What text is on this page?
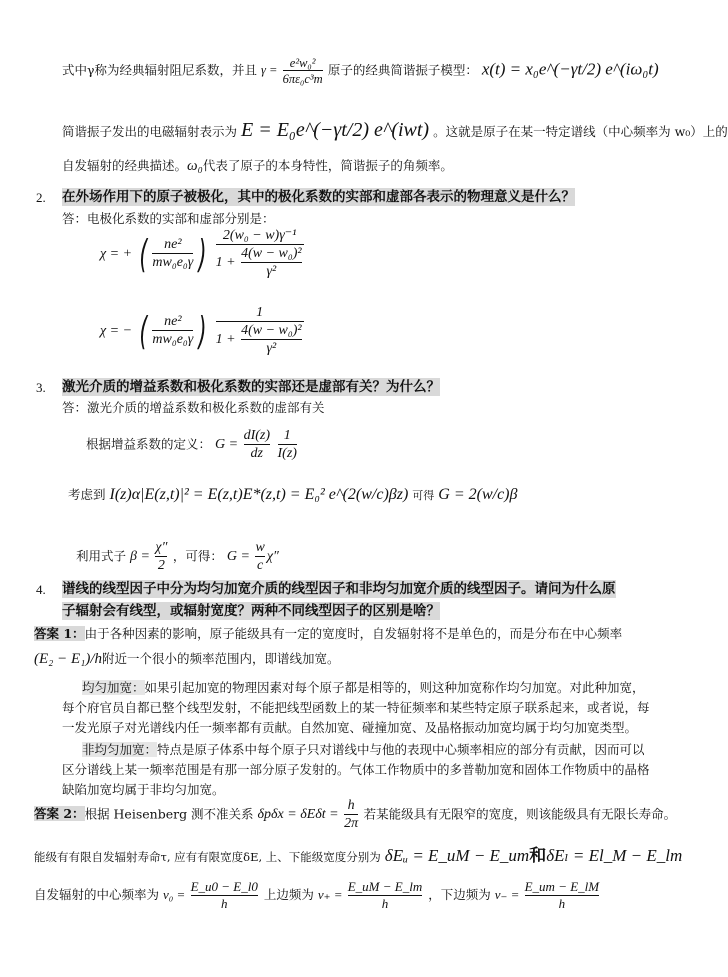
式中γ称为经典辐射阻尼系数，并且 $\gamma = \frac{\text{e²w₀²}}{\text{6πε₀c³m}}$ 原子的经典简谐振子模型： x(t) = x₀e^(−γt/2) e^(iω₀t)
简谐振子发出的电磁辐射表示为 E = E₀e^(−γt/2) e^(iwt) 。这就是原子在某一特定谱线（中心频率为 w₀）上的
自发辐射的经典描述。ω₀代表了原子的本身特性，简谐振子的角频率。
2. 在外场作用下的原子被极化，其中的极化系数的实部和虚部各表示的物理意义是什么？
答：电极化系数的实部和虚部分别是：
χ = + ( $\frac{\text{ne²}}{\text{mw₀e₀γ}}$ ) $\frac{\text{2(w₀ − w)γ⁻¹}}{1 + \frac{\text{4(w − w₀)²}}{\text{γ²}}}$
χ = − ( $\frac{\text{ne²}}{\text{mw₀e₀γ}}$ ) $\frac{1}{1 + \frac{\text{4(w − w₀)²}}{\text{γ²}}}$
3. 激光介质的增益系数和极化系数的实部还是虚部有关？为什么？
答：激光介质的增益系数和极化系数的虚部有关
根据增益系数的定义： $G = \frac{dI(z)}{dz}$
$\frac{1}{I(z)}$
考虑到 I(z)α|E(z,t)|² = E(z,t)E*(z,t) = E₀² e^(2(w/c)βz) 可得 G = 2(w/c)β
利用式子 $\beta = \frac{\chi''}{2}$ ，可得： $G = \frac{w}{c} \chi''$
4. 谱线的线型因子中分为均匀加宽介质的线型因子和非均匀加宽介质的线型因子。请问为什么原
子辐射会有线型，或辐射宽度？两种不同线型因子的区别是啥？
答案 1：由于各种因素的影响，原子能级具有一定的宽度时，自发辐射将不是单色的，而是分布在中心频率
(E₂ − E₁)/h附近一个很小的频率范围内，即谱线加宽。
均匀加宽：如果引起加宽的物理因素对每个原子都是相等的，则这种加宽称作均匀加宽。对此种加宽，
每个府官员自都已整个线型发射，不能把线型函数上的某一特征频率和某些特定原子联系起来，或者说，每
一发光原子对光谱线内任一频率都有贡献。自然加宽、碰撞加宽、及晶格振动加宽均属于均匀加宽类型。
非均匀加宽：特点是原子体系中每个原子只对谱线中与他的表现中心频率相应的部分有贡献，因而可以
区分谱线上某一频率范围是有那一部分原子发射的。气体工作物质中的多普勒加宽和固体工作物质中的晶格
缺陷加宽均属于非均匀加宽。
答案 2：根据 Heisenberg 测不准关系 $\delta p\delta x = \delta E\delta t = \frac{h}{2\pi}$ 若某能级具有无限窄的宽度，则该能级具有无限长寿命。
能级有有限自发辐射寿命τ, 应有有限宽度δE, 上、下能级宽度分别为 δEᵤ = E_uM − E_um和δEₗ = El_M − E_lm
自发辐射的中心频率为 $v_0 = \frac{E\_u0 - E\_l0}{h}$ 上边频为 $v_+ = \frac{E\_uM - E\_lm}{h}$ ，下边频为 $v_- = \frac{E\_um - E\_lM}{h}$
